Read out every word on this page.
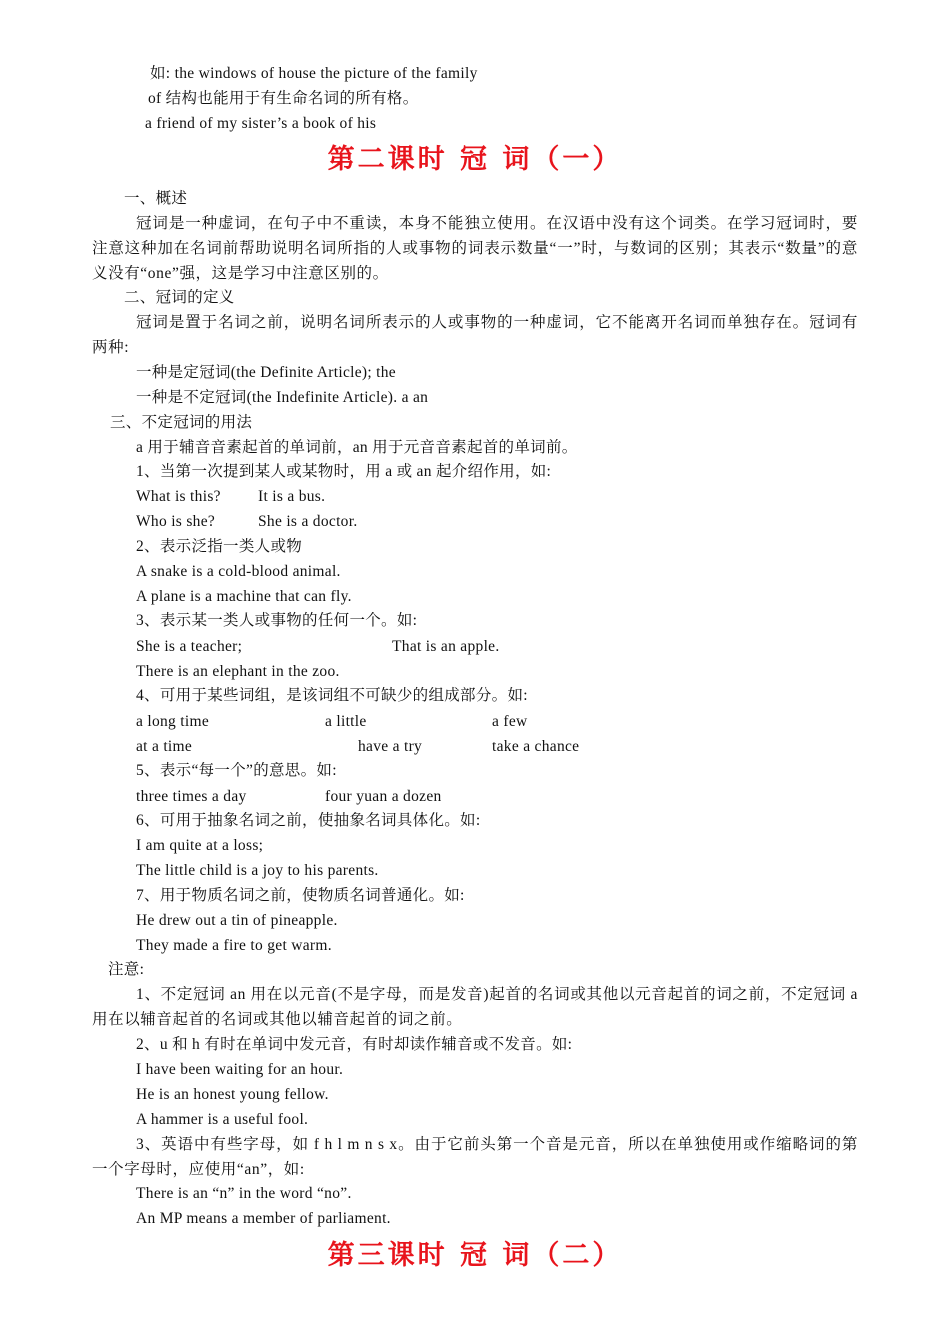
如: the windows of house the picture of the family
of 结构也能用于有生命名词的所有格。
a friend of my sister’s a book of his
第二课时 冠 词（一）
一、概述
冠词是一种虚词，在句子中不重读，本身不能独立使用。在汉语中没有这个词类。在学习冠词时，要注意这种加在名词前帮助说明名词所指的人或事物的词表示数量“一”时，与数词的区别；其表示“数量”的意义没有“one”强，这是学习中注意区别的。
二、冠词的定义
冠词是置于名词之前，说明名词所表示的人或事物的一种虚词，它不能离开名词而单独存在。冠词有两种:
一种是定冠词(the Definite Article); the
一种是不定冠词(the Indefinite Article). a an
三、不定冠词的用法
a 用于辅音音素起首的单词前，an 用于元音音素起首的单词前。
1、当第一次提到某人或某物时，用 a 或 an 起介绍作用，如:
What is this? It is a bus.
Who is she?	She is a doctor.
2、表示泛指一类人或物
A snake is a cold-blood animal.
A plane is a machine that can fly.
3、表示某一类人或事物的任何一个。如:
She is a teacher;	That is an apple.
There is an elephant in the zoo.
4、可用于某些词组，是该词组不可缺少的组成部分。如:
a long time	a little	a few
at a time	have a try	take a chance
5、表示“每一个”的意思。如:
three times a day	four yuan a dozen
6、可用于抽象名词之前，使抽象名词具体化。如:
I am quite at a loss;
The little child is a joy to his parents.
7、用于物质名词之前，使物质名词普通化。如:
He drew out a tin of pineapple.
They made a fire to get warm.
注意:
1、不定冠词 an 用在以元音(不是字母，而是发音)起首的名词或其他以元音起首的词之前，不定冠词 a 用在以辅音起首的名词或其他以辅音起首的词之前。
2、u 和 h 有时在单词中发元音，有时却读作辅音或不发音。如:
I have been waiting for an hour.
He is an honest young fellow.
A hammer is a useful fool.
3、英语中有些字母，如 f h l m n s x。由于它前头第一个音是元音，所以在单独使用或作缩略词的第一个字母时，应使用“an”，如:
There is an “n” in the word “no”.
An MP means a member of parliament.
第三课时 冠 词（二）
